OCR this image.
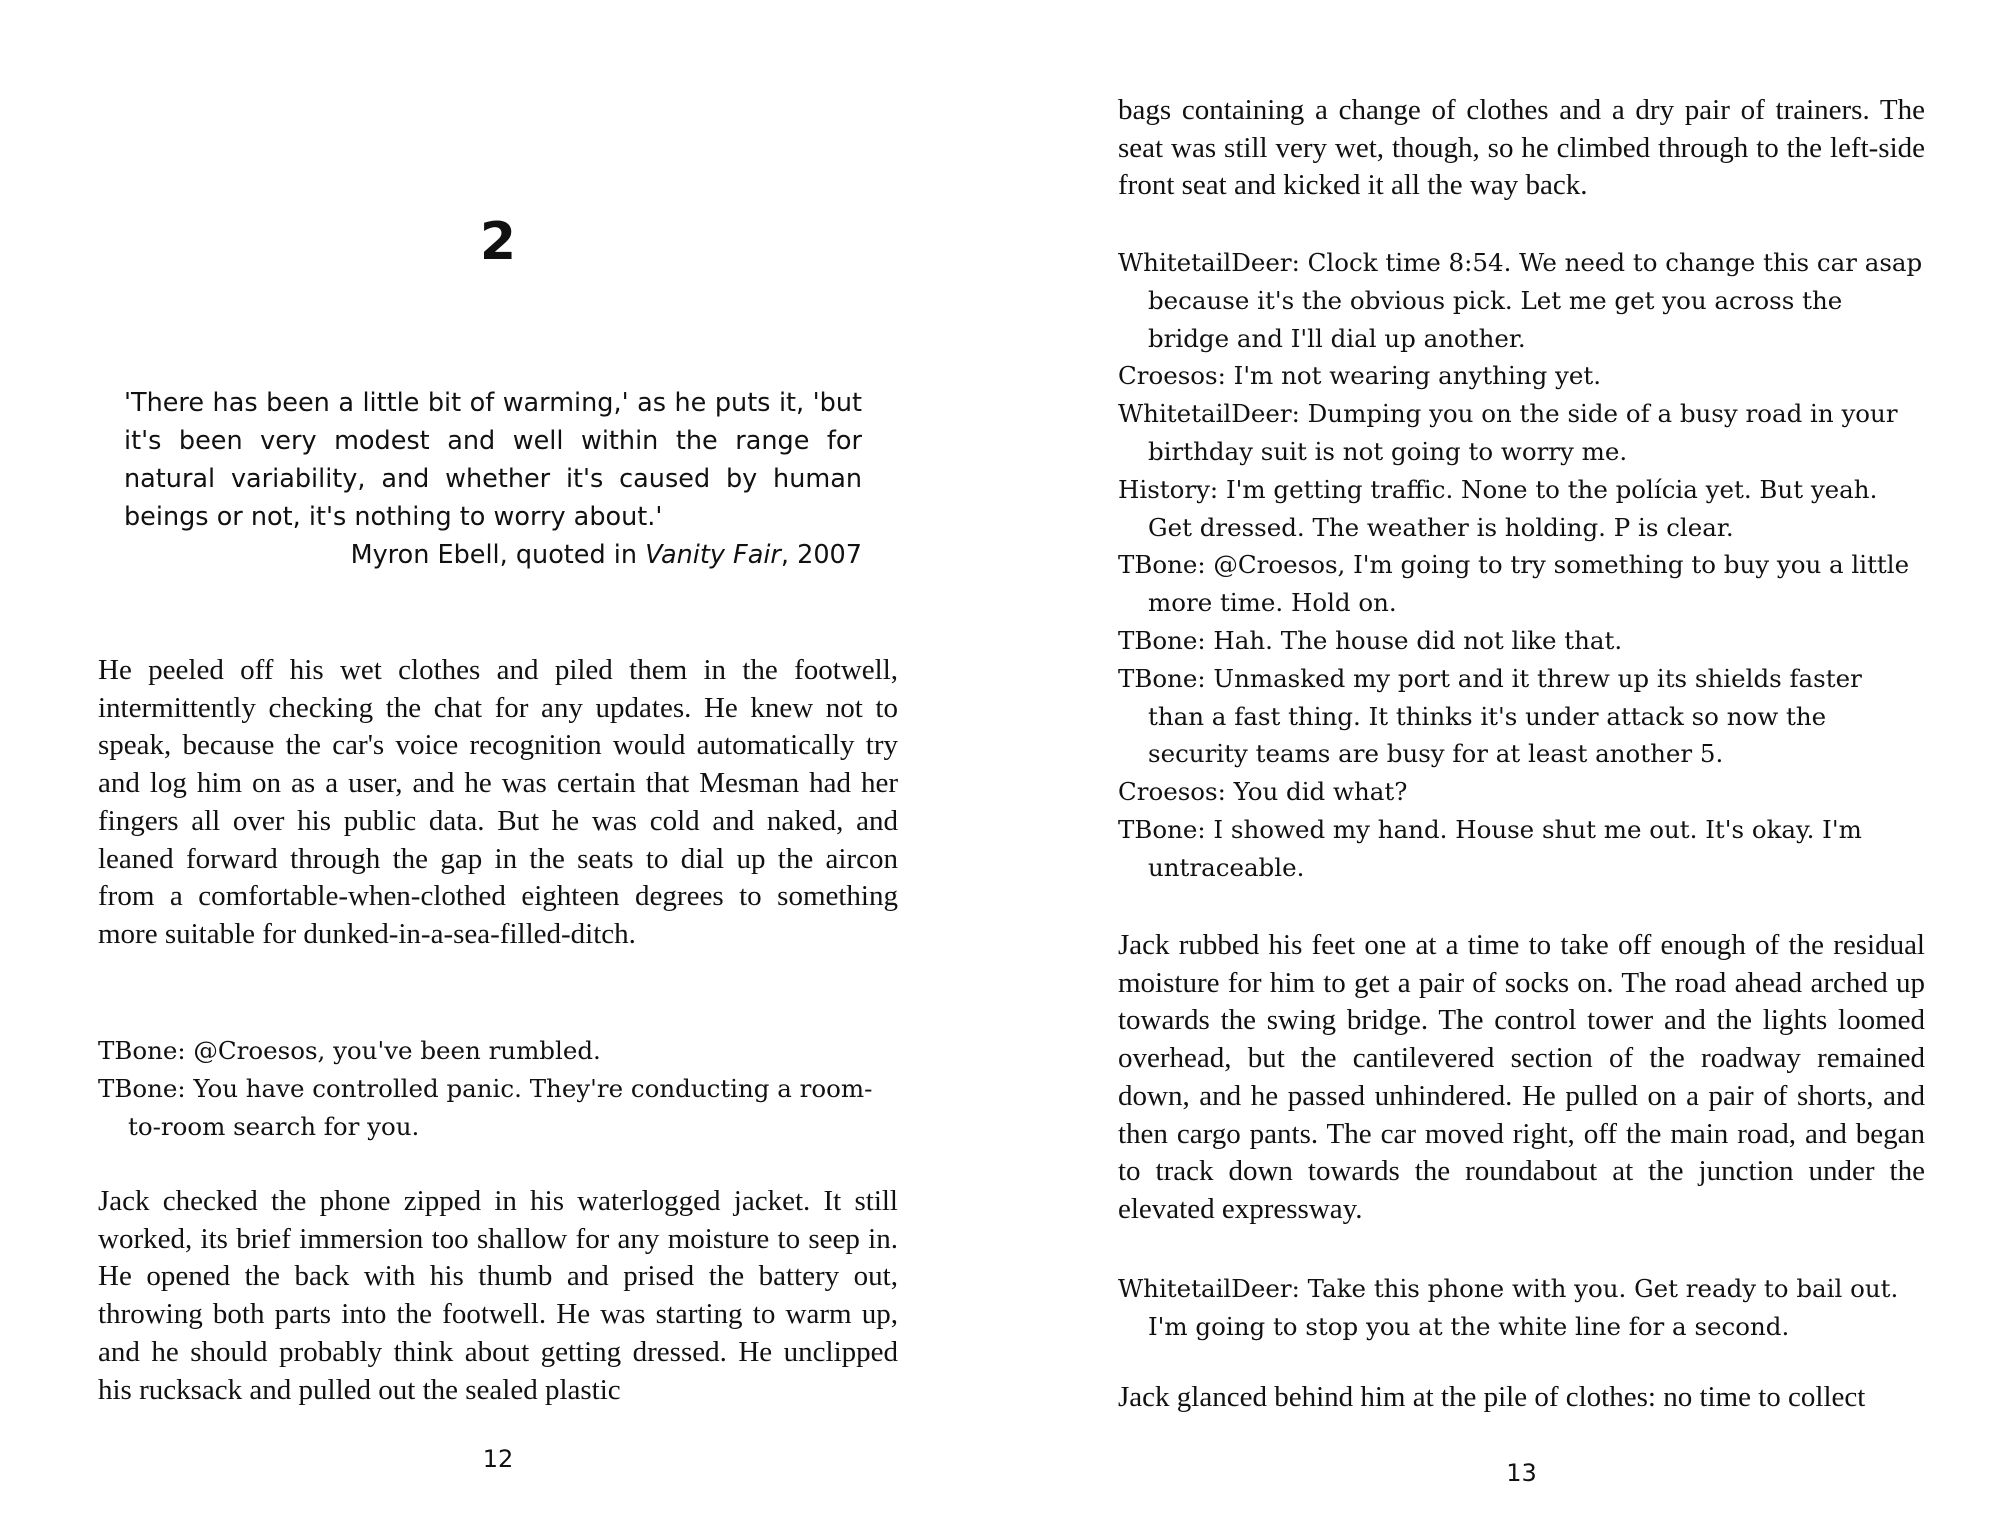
2

'There has been a little bit of warming,' as he puts it, 'but it's been very modest and well within the range for natural variability, and whether it's caused by human beings or not, it's nothing to worry about.'

Myron Ebell, quoted in Vanity Fair, 2007

He peeled off his wet clothes and piled them in the footwell, intermittently checking the chat for any updates. He knew not to speak, because the car's voice recognition would automatically try and log him on as a user, and he was certain that Mesman had her fingers all over his public data. But he was cold and naked, and leaned forward through the gap in the seats to dial up the aircon from a comfortable-when-clothed eighteen degrees to something more suitable for dunked-in-a-sea-filled-ditch.

TBone: @Croesos, you've been rumbled.

TBone: You have controlled panic. They're conducting a room-to-room search for you.

Jack checked the phone zipped in his waterlogged jacket. It still worked, its brief immersion too shallow for any moisture to seep in. He opened the back with his thumb and prised the battery out, throwing both parts into the footwell. He was starting to warm up, and he should probably think about getting dressed. He unclipped his rucksack and pulled out the sealed plastic

12

bags containing a change of clothes and a dry pair of trainers. The seat was still very wet, though, so he climbed through to the left-side front seat and kicked it all the way back.

WhitetailDeer: Clock time 8:54. We need to change this car asap because it's the obvious pick. Let me get you across the bridge and I'll dial up another.

Croesos: I'm not wearing anything yet.

WhitetailDeer: Dumping you on the side of a busy road in your birthday suit is not going to worry me.

History: I'm getting traffic. None to the polícia yet. But yeah. Get dressed. The weather is holding. P is clear.

TBone: @Croesos, I'm going to try something to buy you a little more time. Hold on.

TBone: Hah. The house did not like that.

TBone: Unmasked my port and it threw up its shields faster than a fast thing. It thinks it's under attack so now the security teams are busy for at least another 5.

Croesos: You did what?

TBone: I showed my hand. House shut me out. It's okay. I'm untraceable.

Jack rubbed his feet one at a time to take off enough of the residual moisture for him to get a pair of socks on. The road ahead arched up towards the swing bridge. The control tower and the lights loomed overhead, but the cantilevered section of the roadway remained down, and he passed unhindered. He pulled on a pair of shorts, and then cargo pants. The car moved right, off the main road, and began to track down towards the roundabout at the junction under the elevated expressway.

WhitetailDeer: Take this phone with you. Get ready to bail out. I'm going to stop you at the white line for a second.

Jack glanced behind him at the pile of clothes: no time to collect

13
